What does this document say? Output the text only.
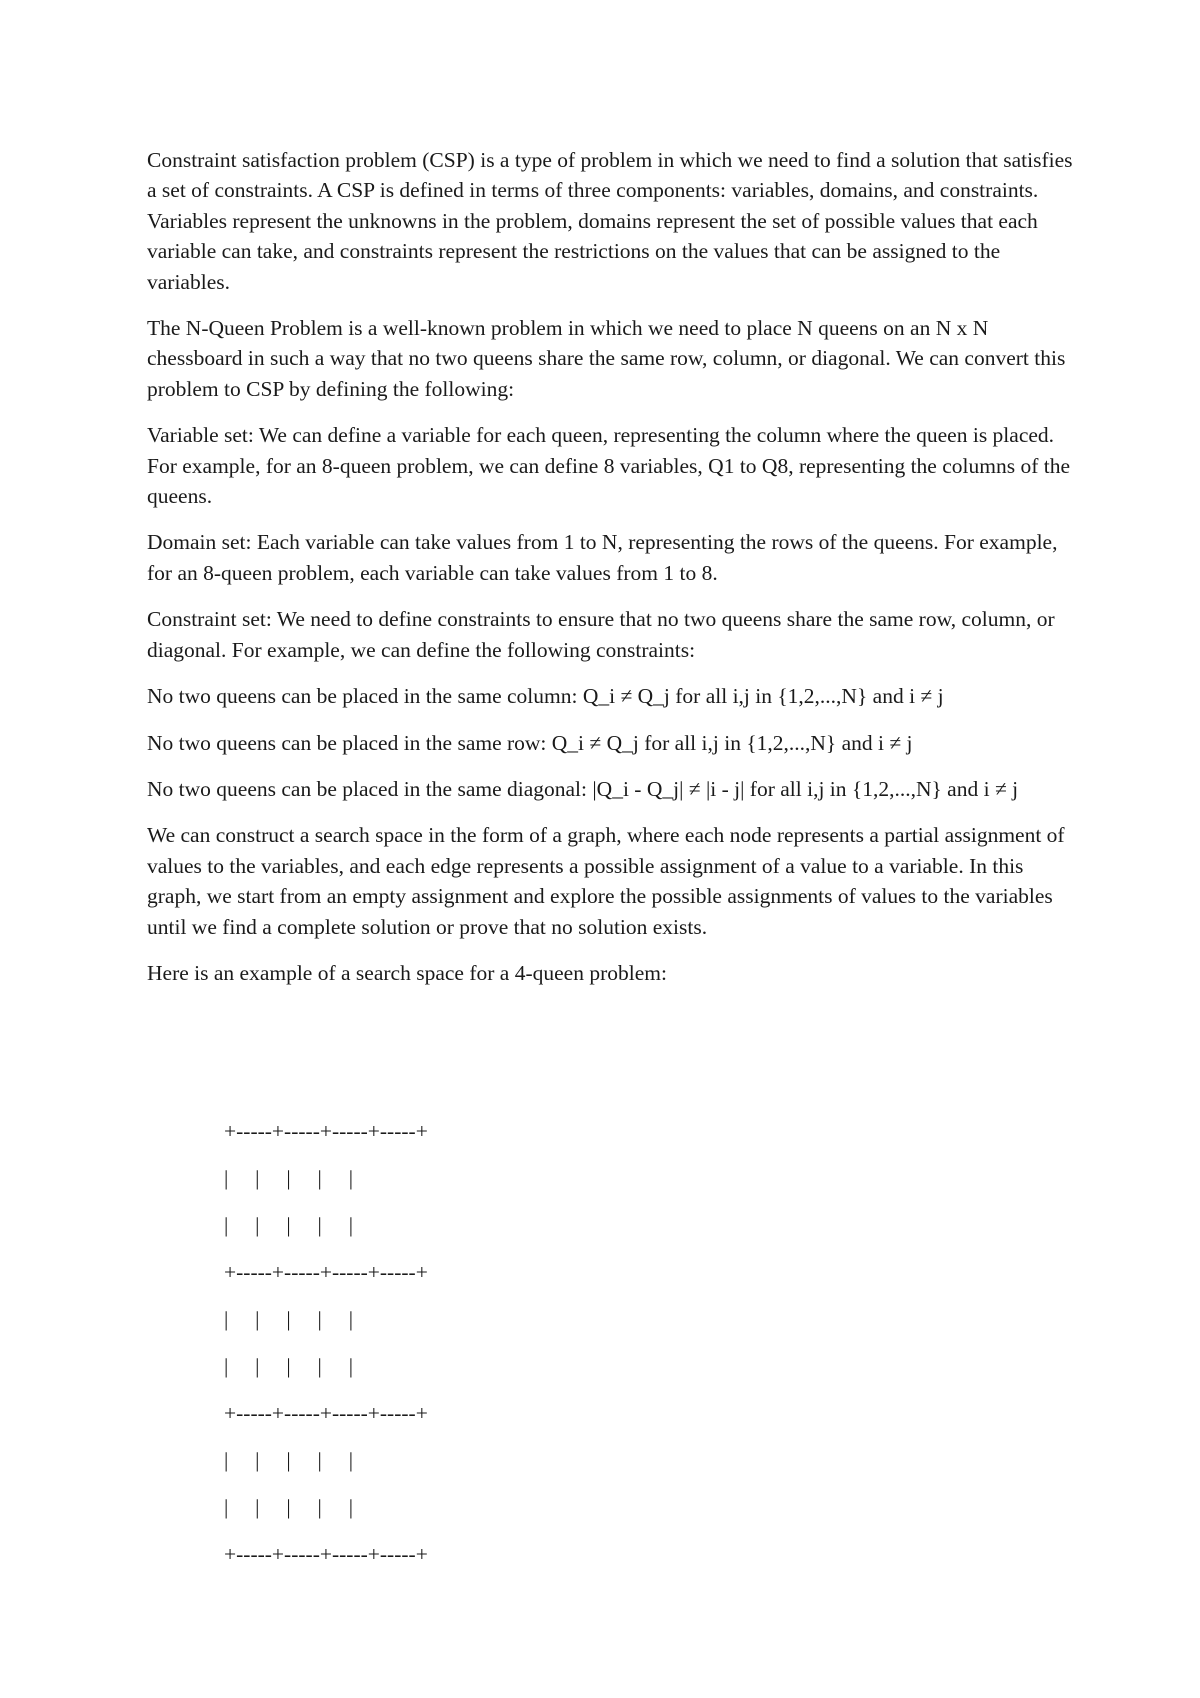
Constraint satisfaction problem (CSP) is a type of problem in which we need to find a solution that satisfies a set of constraints. A CSP is defined in terms of three components: variables, domains, and constraints. Variables represent the unknowns in the problem, domains represent the set of possible values that each variable can take, and constraints represent the restrictions on the values that can be assigned to the variables.

The N-Queen Problem is a well-known problem in which we need to place N queens on an N x N chessboard in such a way that no two queens share the same row, column, or diagonal. We can convert this problem to CSP by defining the following:

Variable set: We can define a variable for each queen, representing the column where the queen is placed. For example, for an 8-queen problem, we can define 8 variables, Q1 to Q8, representing the columns of the queens.

Domain set: Each variable can take values from 1 to N, representing the rows of the queens. For example, for an 8-queen problem, each variable can take values from 1 to 8.

Constraint set: We need to define constraints to ensure that no two queens share the same row, column, or diagonal. For example, we can define the following constraints:

No two queens can be placed in the same column: Q_i ≠ Q_j for all i,j in {1,2,...,N} and i ≠ j

No two queens can be placed in the same row: Q_i ≠ Q_j for all i,j in {1,2,...,N} and i ≠ j

No two queens can be placed in the same diagonal: |Q_i - Q_j| ≠ |i - j| for all i,j in {1,2,...,N} and i ≠ j

We can construct a search space in the form of a graph, where each node represents a partial assignment of values to the variables, and each edge represents a possible assignment of a value to a variable. In this graph, we start from an empty assignment and explore the possible assignments of values to the variables until we find a complete solution or prove that no solution exists.

Here is an example of a search space for a 4-queen problem:

+-----+-----+-----+-----+
|     |     |     |     |
|     |     |     |     |
+-----+-----+-----+-----+
|     |     |     |     |
|     |     |     |     |
+-----+-----+-----+-----+
|     |     |     |     |
|     |     |     |     |
+-----+-----+-----+-----+
